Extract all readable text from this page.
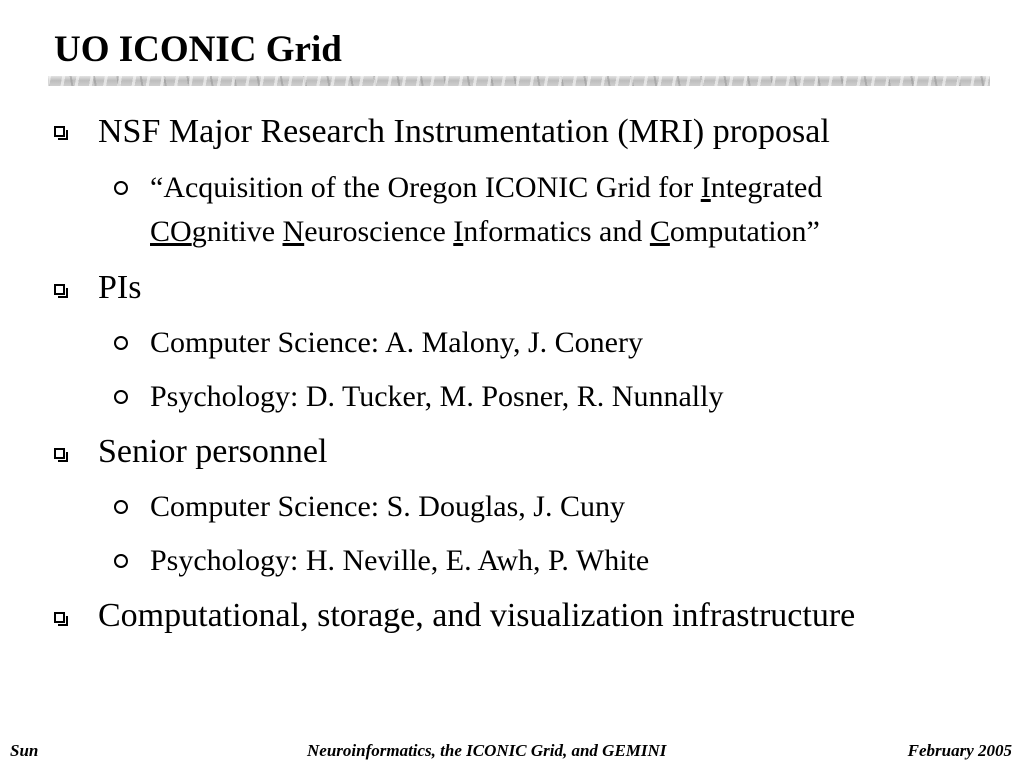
UO ICONIC Grid
NSF Major Research Instrumentation (MRI) proposal
“Acquisition of the Oregon ICONIC Grid for Integrated
COgnitive Neuroscience Informatics and Computation”
PIs
Computer Science: A. Malony, J. Conery
Psychology: D. Tucker, M. Posner, R. Nunnally
Senior personnel
Computer Science: S. Douglas, J. Cuny
Psychology: H. Neville, E. Awh, P. White
Computational, storage, and visualization infrastructure
Sun	Neuroinformatics, the ICONIC Grid, and GEMINI	February 2005
